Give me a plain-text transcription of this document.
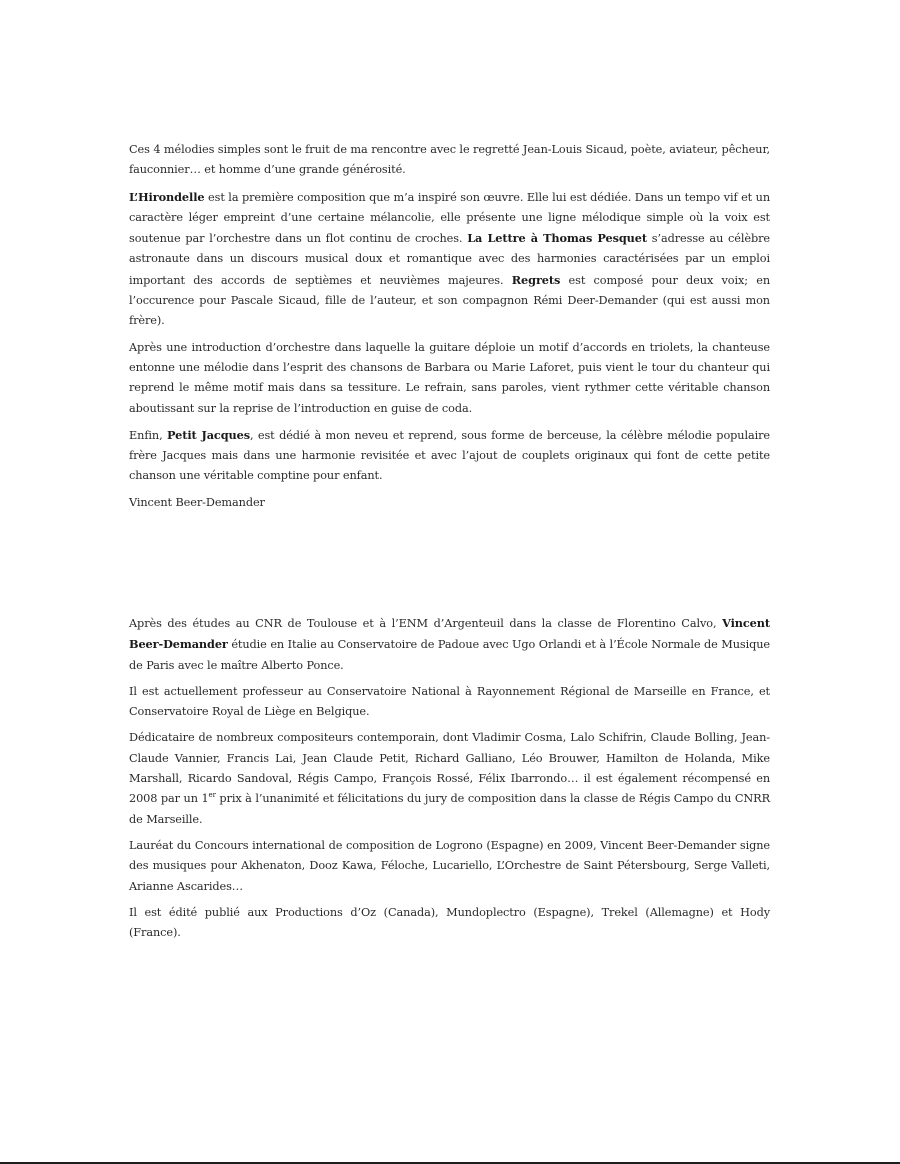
Ces 4 mélodies simples sont le fruit de ma rencontre avec le regretté Jean-Louis Sicaud, poète, aviateur, pêcheur, fauconnier… et homme d’une grande générosité.

L’Hirondelle est la première composition que m’a inspiré son œuvre. Elle lui est dédiée. Dans un tempo vif et un caractère léger empreint d’une certaine mélancolie, elle présente une ligne mélodique simple où la voix est soutenue par l’orchestre dans un flot continu de croches. La Lettre à Thomas Pesquet s’adresse au célèbre astronaute dans un discours musical doux et romantique avec des harmonies caractérisées par un emploi important des accords de septièmes et neuvièmes majeures. Regrets est composé pour deux voix; en l’occurence pour Pascale Sicaud, fille de l’auteur, et son compagnon Rémi Deer-Demander (qui est aussi mon frère).

Après une introduction d’orchestre dans laquelle la guitare déploie un motif d’accords en triolets, la chanteuse entonne une mélodie dans l’esprit des chansons de Barbara ou Marie Laforet, puis vient le tour du chanteur qui reprend le même motif mais dans sa tessiture. Le refrain, sans paroles, vient rythmer cette véritable chanson aboutissant sur la reprise de l’introduction en guise de coda.

Enfin, Petit Jacques, est dédié à mon neveu et reprend, sous forme de berceuse, la célèbre mélodie populaire frère Jacques mais dans une harmonie revisitée et avec l’ajout de couplets originaux qui font de cette petite chanson une véritable comptine pour enfant.

Vincent Beer-Demander

Après des études au CNR de Toulouse et à l’ENM d’Argenteuil dans la classe de Florentino Calvo, Vincent Beer-Demander étudie en Italie au Conservatoire de Padoue avec Ugo Orlandi et à l’École Normale de Musique de Paris avec le maître Alberto Ponce.

Il est actuellement professeur au Conservatoire National à Rayonnement Régional de Marseille en France, et Conservatoire Royal de Liège en Belgique.

Dédicataire de nombreux compositeurs contemporain, dont Vladimir Cosma, Lalo Schifrin, Claude Bolling, Jean-Claude Vannier, Francis Lai, Jean Claude Petit, Richard Galliano, Léo Brouwer, Hamilton de Holanda, Mike Marshall, Ricardo Sandoval, Régis Campo, François Rossé, Félix Ibarrondo… il est également récompensé en 2008 par un 1er prix à l’unanimité et félicitations du jury de composition dans la classe de Régis Campo du CNRR de Marseille.

Lauréat du Concours international de composition de Logrono (Espagne) en 2009, Vincent Beer-Demander signe des musiques pour Akhenaton, Dooz Kawa, Féloche, Lucariello, L’Orchestre de Saint Pétersbourg, Serge Valleti, Arianne Ascarides…

Il est édité publié aux Productions d’Oz (Canada), Mundoplectro (Espagne), Trekel (Allemagne) et Hody (France).
